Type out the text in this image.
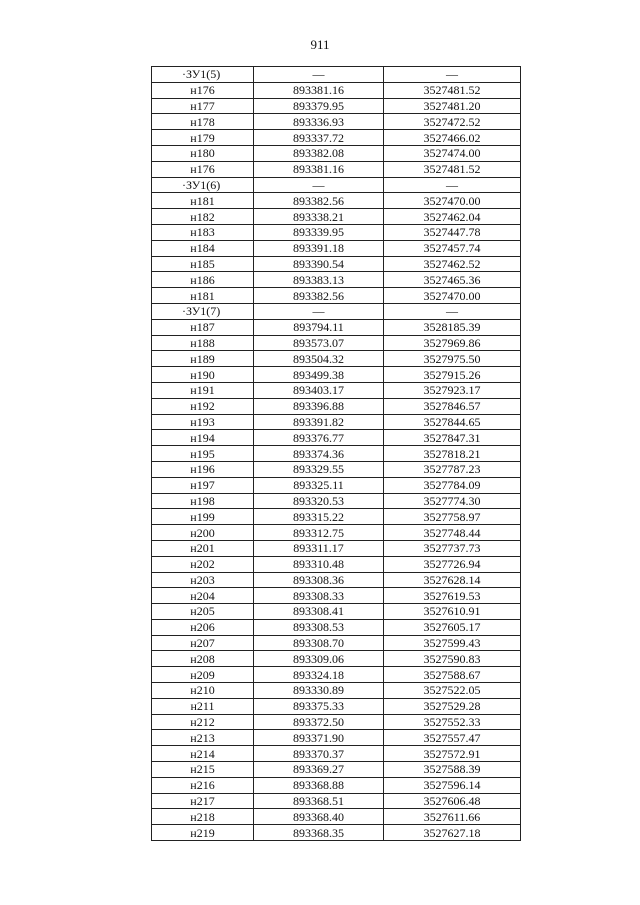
911
·ЗУ1(5)	—	—
н176	893381.16	3527481.52
н177	893379.95	3527481.20
н178	893336.93	3527472.52
н179	893337.72	3527466.02
н180	893382.08	3527474.00
н176	893381.16	3527481.52
·ЗУ1(6)	—	—
н181	893382.56	3527470.00
н182	893338.21	3527462.04
н183	893339.95	3527447.78
н184	893391.18	3527457.74
н185	893390.54	3527462.52
н186	893383.13	3527465.36
н181	893382.56	3527470.00
·ЗУ1(7)	—	—
н187	893794.11	3528185.39
н188	893573.07	3527969.86
н189	893504.32	3527975.50
н190	893499.38	3527915.26
н191	893403.17	3527923.17
н192	893396.88	3527846.57
н193	893391.82	3527844.65
н194	893376.77	3527847.31
н195	893374.36	3527818.21
н196	893329.55	3527787.23
н197	893325.11	3527784.09
н198	893320.53	3527774.30
н199	893315.22	3527758.97
н200	893312.75	3527748.44
н201	893311.17	3527737.73
н202	893310.48	3527726.94
н203	893308.36	3527628.14
н204	893308.33	3527619.53
н205	893308.41	3527610.91
н206	893308.53	3527605.17
н207	893308.70	3527599.43
н208	893309.06	3527590.83
н209	893324.18	3527588.67
н210	893330.89	3527522.05
н211	893375.33	3527529.28
н212	893372.50	3527552.33
н213	893371.90	3527557.47
н214	893370.37	3527572.91
н215	893369.27	3527588.39
н216	893368.88	3527596.14
н217	893368.51	3527606.48
н218	893368.40	3527611.66
н219	893368.35	3527627.18
